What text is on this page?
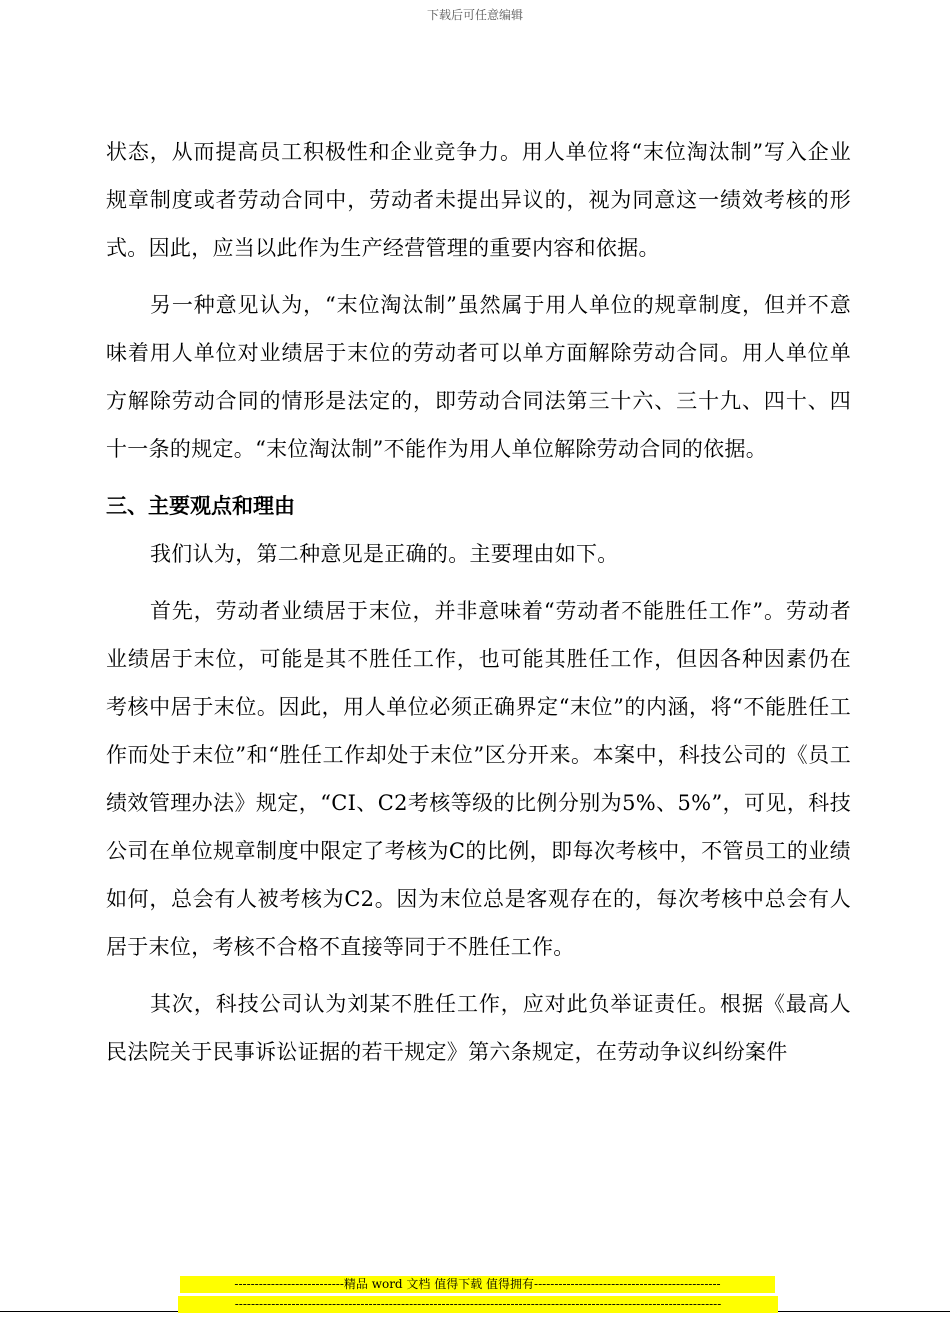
下载后可任意编辑

状态，从而提高员工积极性和企业竞争力。用人单位将“末位淘汰制”写入企业规章制度或者劳动合同中，劳动者未提出异议的，视为同意这一绩效考核的形式。因此，应当以此作为生产经营管理的重要内容和依据。

另一种意见认为，“末位淘汰制”虽然属于用人单位的规章制度，但并不意味着用人单位对业绩居于末位的劳动者可以单方面解除劳动合同。用人单位单方解除劳动合同的情形是法定的，即劳动合同法第三十六、三十九、四十、四十一条的规定。“末位淘汰制”不能作为用人单位解除劳动合同的依据。

三、主要观点和理由

我们认为，第二种意见是正确的。主要理由如下。

首先，劳动者业绩居于末位，并非意味着“劳动者不能胜任工作”。劳动者业绩居于末位，可能是其不胜任工作，也可能其胜任工作，但因各种因素仍在考核中居于末位。因此，用人单位必须正确界定“末位”的内涵，将“不能胜任工作而处于末位”和“胜任工作却处于末位”区分开来。本案中，科技公司的《员工绩效管理办法》规定，“CI、C2考核等级的比例分别为5%、5%”，可见，科技公司在单位规章制度中限定了考核为C的比例，即每次考核中，不管员工的业绩如何，总会有人被考核为C2。因为末位总是客观存在的，每次考核中总会有人居于末位，考核不合格不直接等同于不胜任工作。

其次，科技公司认为刘某不胜任工作，应对此负举证责任。根据《最高人民法院关于民事诉讼证据的若干规定》第六条规定，在劳动争议纠纷案件

---------------------------精品 word 文档 值得下载 值得拥有----------------------------------------------
------------------------------------------------------------------------------------------------------------------------
